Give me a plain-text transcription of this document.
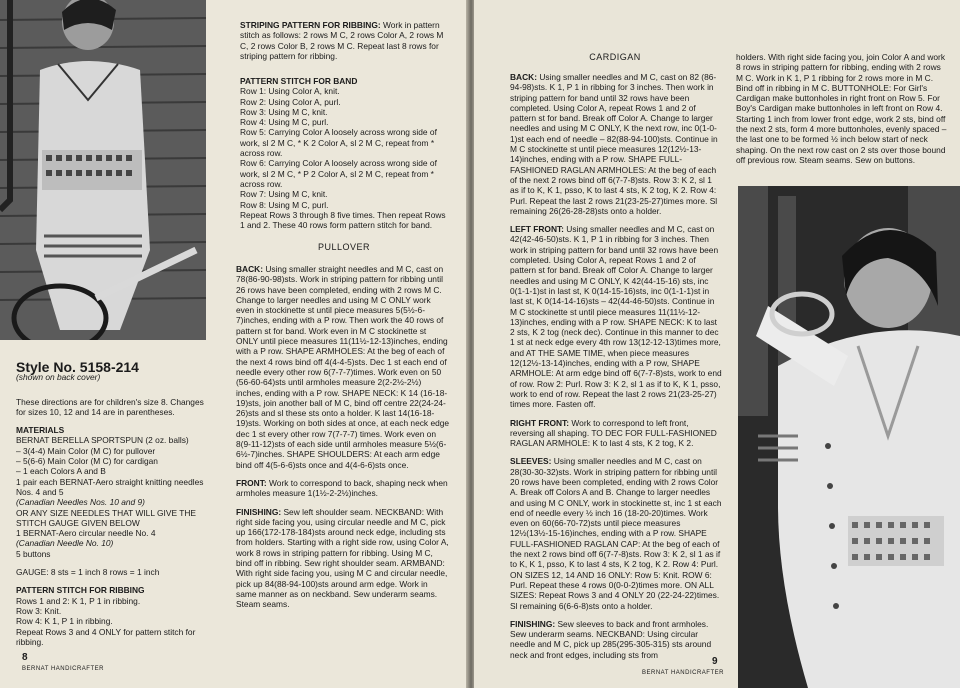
Style No. 5158-214
(shown on back cover)

These directions are for children's size 8. Changes for sizes 10, 12 and 14 are in parentheses.

MATERIALS
BERNAT BERELLA SPORTSPUN (2 oz. balls)
– 3(4-4) Main Color (M C) for pullover
– 5(6-6) Main Color (M C) for cardigan
– 1 each Colors A and B
1 pair each BERNAT-Aero straight knitting needles Nos. 4 and 5
(Canadian Needles Nos. 10 and 9)
OR ANY SIZE NEEDLES THAT WILL GIVE THE STITCH GAUGE GIVEN BELOW
1 BERNAT-Aero circular needle No. 4
(Canadian Needle No. 10)
5 buttons

GAUGE: 8 sts = 1 inch 8 rows = 1 inch

PATTERN STITCH FOR RIBBING
Rows 1 and 2: K 1, P 1 in ribbing.
Row 3: Knit.
Row 4: K 1, P 1 in ribbing.
Repeat Rows 3 and 4 ONLY for pattern stitch for ribbing.

STRIPING PATTERN FOR RIBBING: Work in pattern stitch as follows: 2 rows M C, 2 rows Color A, 2 rows M C, 2 rows Color B, 2 rows M C. Repeat last 8 rows for striping pattern for ribbing.

PATTERN STITCH FOR BAND
Row 1: Using Color A, knit.
Row 2: Using Color A, purl.
Row 3: Using M C, knit.
Row 4: Using M C, purl.
Row 5: Carrying Color A loosely across wrong side of work, sl 2 M C, * K 2 Color A, sl 2 M C, repeat from * across row.
Row 6: Carrying Color A loosely across wrong side of work, sl 2 M C, * P 2 Color A, sl 2 M C, repeat from * across row.
Row 7: Using M C, knit.
Row 8: Using M C, purl.
Repeat Rows 3 through 8 five times. Then repeat Rows 1 and 2. These 40 rows form pattern stitch for band.
PULLOVER

BACK: Using smaller straight needles and M C, cast on 78(86-90-98)sts. Work in striping pattern for ribbing until 26 rows have been completed, ending with 2 rows M C. Change to larger needles and using M C ONLY work even in stockinette st until piece measures 5(5½-6-7)inches, ending with a P row. Then work the 40 rows of pattern st for band. Work even in M C stockinette st ONLY until piece measures 11(11½-12-13)inches, ending with a P row. SHAPE ARMHOLES: At the beg of each of the next 4 rows bind off 4(4-4-5)sts. Dec 1 st each end of needle every other row 6(7-7-7)times. Work even on 50 (56-60-64)sts until armholes measure 2(2-2½-2½) inches, ending with a P row. SHAPE NECK: K 14 (16-18-19)sts, join another ball of M C, bind off centre 22(24-24-26)sts and sl these sts onto a holder. K last 14(16-18-19)sts. Working on both sides at once, at each neck edge dec 1 st every other row 7(7-7-7) times. Work even on 8(9-11-12)sts of each side until armholes measure 5½(6-6½-7)inches. SHAPE SHOULDERS: At each arm edge bind off 4(5-6-6)sts once and 4(4-6-6)sts once.

FRONT: Work to correspond to back, shaping neck when armholes measure 1(1½-2-2½)inches.

FINISHING: Sew left shoulder seam. NECKBAND: With right side facing you, using circular needle and M C, pick up 166(172-178-184)sts around neck edge, including sts from holders. Starting with a right side row, using Color A, work 8 rows in striping pattern for ribbing. Using M C, bind off in ribbing. Sew right shoulder seam. ARMBAND: With right side facing you, using M C and circular needle, pick up 84(88-94-100)sts around arm edge. Work in same manner as on neckband. Sew underarm seams. Steam seams.

8
BERNAT HANDICRAFTER
CARDIGAN

BACK: Using smaller needles and M C, cast on 82 (86-94-98)sts. K 1, P 1 in ribbing for 3 inches. Then work in striping pattern for band until 32 rows have been completed. Using Color A, repeat Rows 1 and 2 of pattern st for band. Break off Color A. Change to larger needles and using M C ONLY, K the next row, inc 0(1-0-1)st each end of needle – 82(88-94-100)sts. Continue in M C stockinette st until piece measures 12(12½-13-14)inches, ending with a P row. SHAPE FULL-FASHIONED RAGLAN ARMHOLES: At the beg of each of the next 2 rows bind off 6(7-7-8)sts. Row 3: K 2, sl 1 as if to K, K 1, psso, K to last 4 sts, K 2 tog, K 2. Row 4: Purl. Repeat the last 2 rows 21(23-25-27)times more. Sl remaining 26(26-28-28)sts onto a holder.

LEFT FRONT: Using smaller needles and M C, cast on 42(42-46-50)sts. K 1, P 1 in ribbing for 3 inches. Then work in striping pattern for band until 32 rows have been completed. Using Color A, repeat Rows 1 and 2 of pattern st for band. Break off Color A. Change to larger needles and using M C ONLY, K 42(44-15-16) sts, inc 0(1-1-1)st in last st, K 0(14-15-16)sts, inc 0(1-1-1)st in last st, K 0(14-14-16)sts – 42(44-46-50)sts. Continue in M C stockinette st until piece measures 11(11½-12-13)inches, ending with a P row. SHAPE NECK: K to last 2 sts, K 2 tog (neck dec). Continue in this manner to dec 1 st at neck edge every 4th row 13(12-12-13)times more, and AT THE SAME TIME, when piece measures 12(12½-13-14)inches, ending with a P row, SHAPE ARMHOLE: At arm edge bind off 6(7-7-8)sts, work to end of row. Row 2: Purl. Row 3: K 2, sl 1 as if to K, K 1, psso, work to end of row. Repeat the last 2 rows 21(23-25-27) times more. Fasten off.

RIGHT FRONT: Work to correspond to left front, reversing all shaping. TO DEC FOR FULL-FASHIONED RAGLAN ARMHOLE: K to last 4 sts, K 2 tog, K 2.

SLEEVES: Using smaller needles and M C, cast on 28(30-30-32)sts. Work in striping pattern for ribbing until 20 rows have been completed, ending with 2 rows Color A. Break off Colors A and B. Change to larger needles and using M C ONLY, work in stockinette st, inc 1 st each end of needle every ½ inch 16 (18-20-20)times. Work even on 60(66-70-72)sts until piece measures 12½(13½-15-16)inches, ending with a P row. SHAPE FULL-FASHIONED RAGLAN CAP: At the beg of each of the next 2 rows bind off 6(7-7-8)sts. Row 3: K 2, sl 1 as if to K, K 1, psso, K to last 4 sts, K 2 tog, K 2. Row 4: Purl. ON SIZES 12, 14 AND 16 ONLY: Row 5: Knit. ROW 6: Purl. Repeat these 4 rows 0(0-0-2)times more. ON ALL SIZES: Repeat Rows 3 and 4 ONLY 20 (22-24-22)times. Sl remaining 6(6-6-8)sts onto a holder.

FINISHING: Sew sleeves to back and front armholes. Sew underarm seams. NECKBAND: Using circular needle and M C, pick up 285(295-305-315) sts around neck and front edges, including sts from

holders. With right side facing you, join Color A and work 8 rows in striping pattern for ribbing, ending with 2 rows M C. Work in K 1, P 1 ribbing for 2 rows more in M C. Bind off in ribbing in M C. BUTTONHOLE: For Girl's Cardigan make buttonholes in right front on Row 5. For Boy's Cardigan make buttonholes in left front on Row 4. Starting 1 inch from lower front edge, work 2 sts, bind off the next 2 sts, form 4 more buttonholes, evenly spaced – the last one to be formed ½ inch below start of neck shaping. On the next row cast on 2 sts over those bound off previous row. Steam seams. Sew on buttons.

9
BERNAT HANDICRAFTER
